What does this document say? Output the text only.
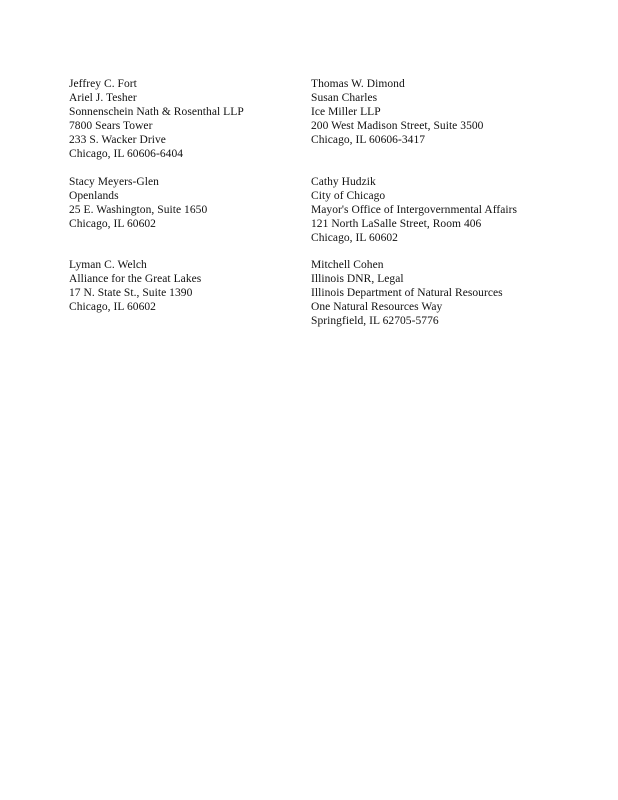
Jeffrey C. Fort
Ariel J. Tesher
Sonnenschein Nath & Rosenthal LLP
7800 Sears Tower
233 S. Wacker Drive
Chicago, IL 60606-6404
Thomas W. Dimond
Susan Charles
Ice Miller LLP
200 West Madison Street, Suite 3500
Chicago, IL 60606-3417
Stacy Meyers-Glen
Openlands
25 E. Washington, Suite 1650
Chicago, IL 60602
Cathy Hudzik
City of Chicago
Mayor's Office of Intergovernmental Affairs
121 North LaSalle Street, Room 406
Chicago, IL 60602
Lyman C. Welch
Alliance for the Great Lakes
17 N. State St., Suite 1390
Chicago, IL 60602
Mitchell Cohen
Illinois DNR, Legal
Illinois Department of Natural Resources
One Natural Resources Way
Springfield, IL 62705-5776
